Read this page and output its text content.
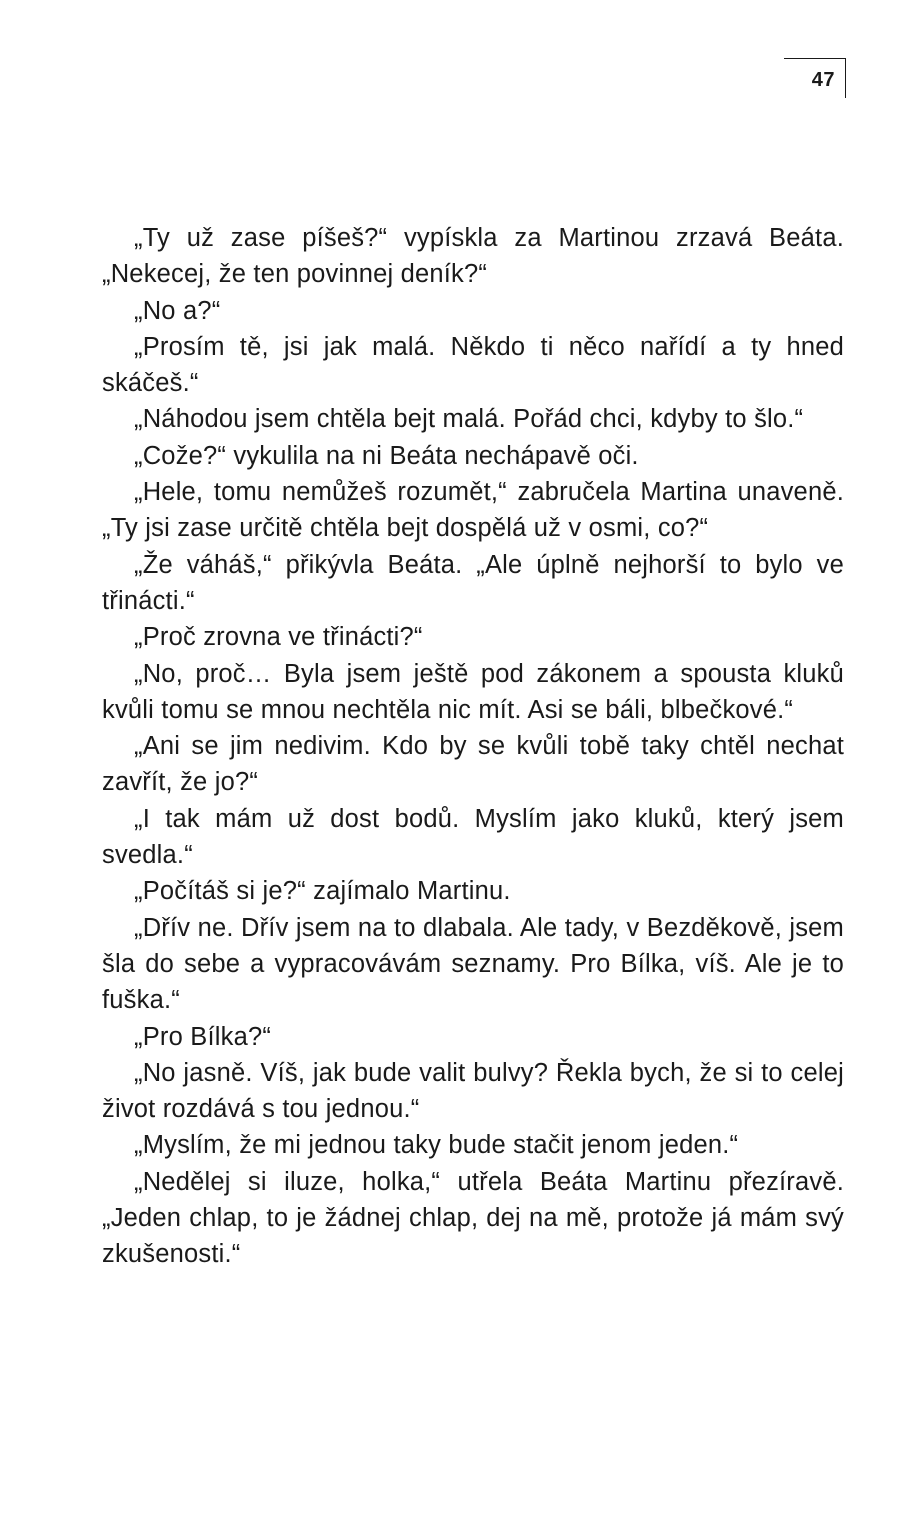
47

„Ty už zase píšeš?“ vypískla za Martinou zrzavá Beáta. „Nekecej, že ten povinnej deník?“

„No a?“

„Prosím tě, jsi jak malá. Někdo ti něco nařídí a ty hned skáčeš.“

„Náhodou jsem chtěla bejt malá. Pořád chci, kdyby to šlo.“

„Cože?“ vykulila na ni Beáta nechápavě oči.

„Hele, tomu nemůžeš rozumět,“ zabručela Martina unaveně. „Ty jsi zase určitě chtěla bejt dospělá už v osmi, co?“

„Že váháš,“ přikývla Beáta. „Ale úplně nejhorší to bylo ve třinácti.“

„Proč zrovna ve třinácti?“

„No, proč… Byla jsem ještě pod zákonem a spousta kluků kvůli tomu se mnou nechtěla nic mít. Asi se báli, blbečkové.“

„Ani se jim nedivim. Kdo by se kvůli tobě taky chtěl nechat zavřít, že jo?“

„I tak mám už dost bodů. Myslím jako kluků, který jsem svedla.“

„Počítáš si je?“ zajímalo Martinu.

„Dřív ne. Dřív jsem na to dlabala. Ale tady, v Bezděkově, jsem šla do sebe a vypracovávám seznamy. Pro Bílka, víš. Ale je to fuška.“

„Pro Bílka?“

„No jasně. Víš, jak bude valit bulvy? Řekla bych, že si to celej život rozdává s tou jednou.“

„Myslím, že mi jednou taky bude stačit jenom jeden.“

„Nedělej si iluze, holka,“ utřela Beáta Martinu přezíravě. „Jeden chlap, to je žádnej chlap, dej na mě, protože já mám svý zkušenosti.“
